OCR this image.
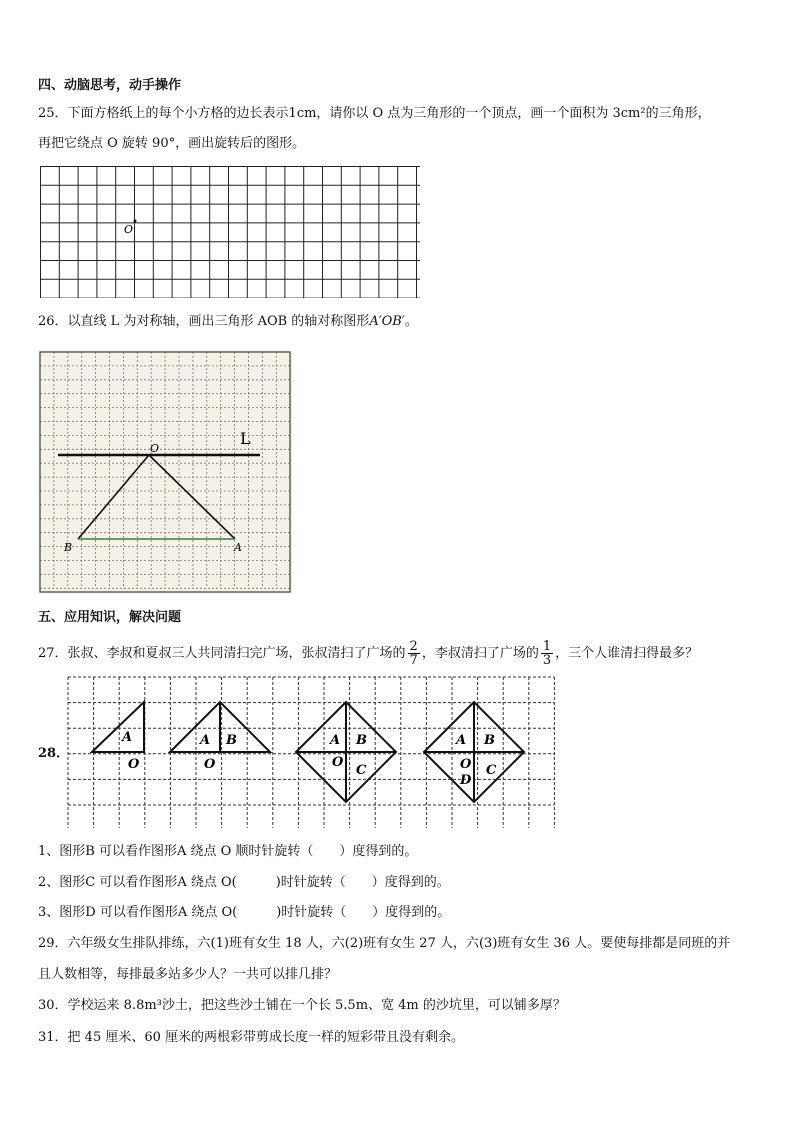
四、动脑思考，动手操作
25．下面方格纸上的每个小方格的边长表示1cm，请你以 O 点为三角形的一个顶点，画一个面积为 3cm²的三角形，
再把它绕点 O 旋转 90°，画出旋转后的图形。
O
26．以直线 L 为对称轴，画出三角形 AOB 的轴对称图形A′OB′。
O
L
A
B
五、应用知识，解决问题
27．张叔、李叔和夏叔三人共同清扫完广场，张叔清扫了广场的 $\frac{2}{7}$ ，李叔清扫了广场的 $\frac{1}{3}$ ，三个人谁清扫得最多？
28．
A
O
A B
O
A B
O
C
A B
O C
D
1、图形B 可以看作图形A 绕点 O 顺时针旋转（　　）度得到的。
2、图形C 可以看作图形A 绕点 O(　　　)时针旋转（　　）度得到的。
3、图形D 可以看作图形A 绕点 O(　　　)时针旋转（　　）度得到的。
29．六年级女生排队排练，六(1)班有女生 18 人，六(2)班有女生 27 人，六(3)班有女生 36 人。要使每排都是同班的并
且人数相等，每排最多站多少人？一共可以排几排？
30．学校运来 8.8m³沙土，把这些沙土铺在一个长 5.5m、宽 4m 的沙坑里，可以铺多厚？
31．把 45 厘米、60 厘米的两根彩带剪成长度一样的短彩带且没有剩余。
